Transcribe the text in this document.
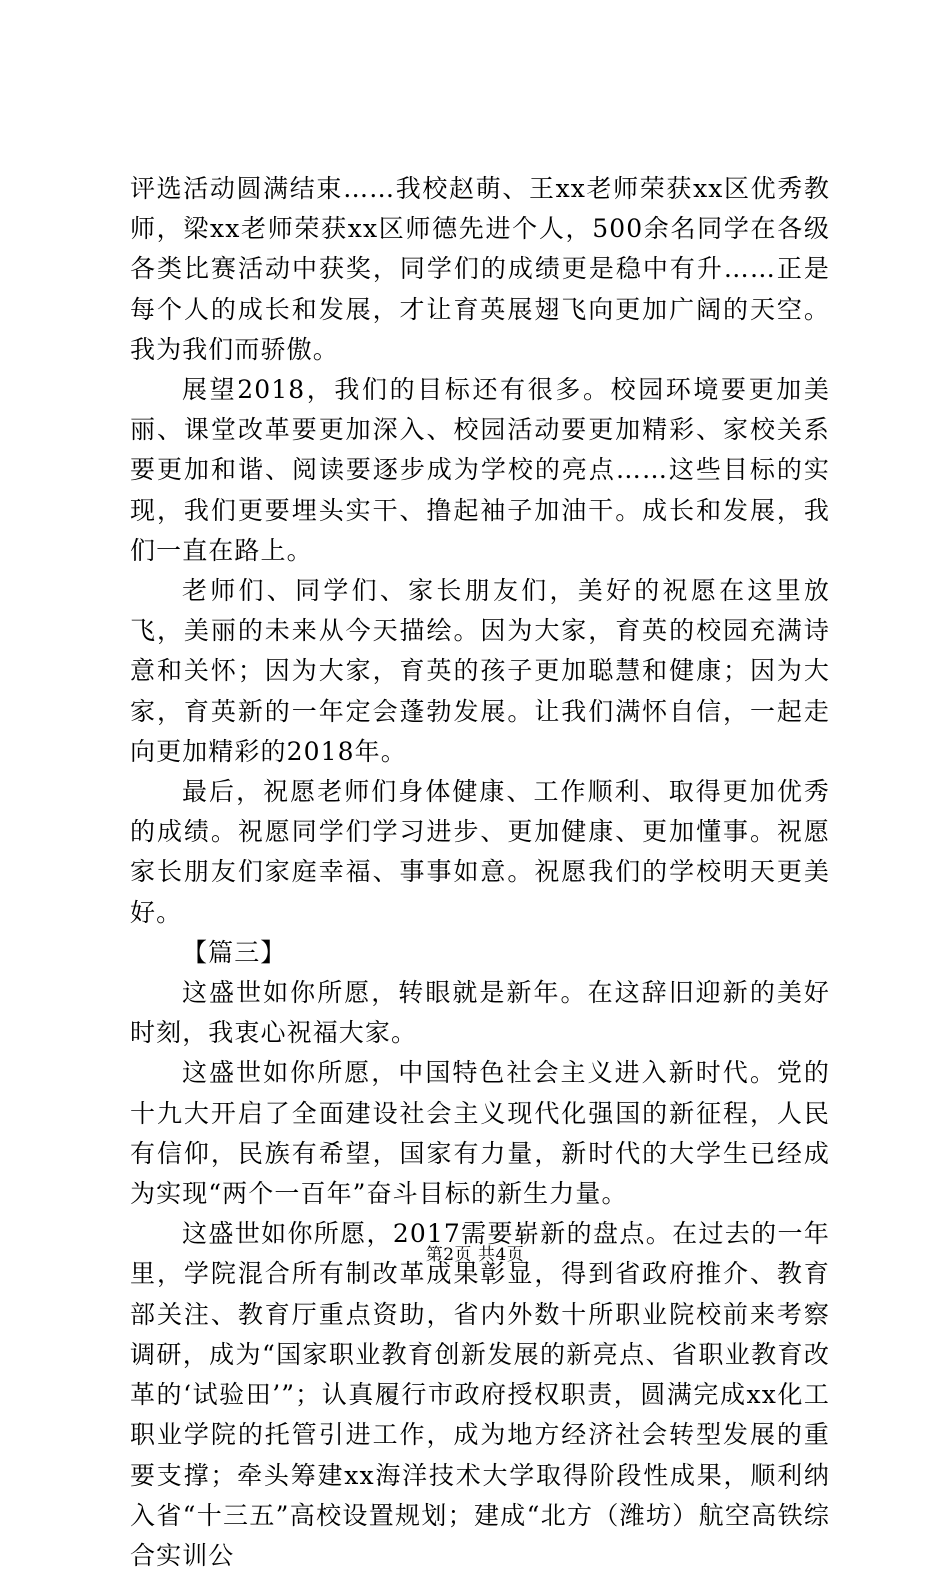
评选活动圆满结束……我校赵萌、王xx老师荣获xx区优秀教师，梁xx老师荣获xx区师德先进个人，500余名同学在各级各类比赛活动中获奖，同学们的成绩更是稳中有升……正是每个人的成长和发展，才让育英展翅飞向更加广阔的天空。我为我们而骄傲。

展望2018，我们的目标还有很多。校园环境要更加美丽、课堂改革要更加深入、校园活动要更加精彩、家校关系要更加和谐、阅读要逐步成为学校的亮点……这些目标的实现，我们更要埋头实干、撸起袖子加油干。成长和发展，我们一直在路上。

老师们、同学们、家长朋友们，美好的祝愿在这里放飞，美丽的未来从今天描绘。因为大家，育英的校园充满诗意和关怀；因为大家，育英的孩子更加聪慧和健康；因为大家，育英新的一年定会蓬勃发展。让我们满怀自信，一起走向更加精彩的2018年。

最后，祝愿老师们身体健康、工作顺利、取得更加优秀的成绩。祝愿同学们学习进步、更加健康、更加懂事。祝愿家长朋友们家庭幸福、事事如意。祝愿我们的学校明天更美好。

【篇三】

这盛世如你所愿，转眼就是新年。在这辞旧迎新的美好时刻，我衷心祝福大家。

这盛世如你所愿，中国特色社会主义进入新时代。党的十九大开启了全面建设社会主义现代化强国的新征程，人民有信仰，民族有希望，国家有力量，新时代的大学生已经成为实现“两个一百年”奋斗目标的新生力量。

这盛世如你所愿，2017需要崭新的盘点。在过去的一年里，学院混合所有制改革成果彰显，得到省政府推介、教育部关注、教育厅重点资助，省内外数十所职业院校前来考察调研，成为“国家职业教育创新发展的新亮点、省职业教育改革的‘试验田’”；认真履行市政府授权职责，圆满完成xx化工职业学院的托管引进工作，成为地方经济社会转型发展的重要支撑；牵头筹建xx海洋技术大学取得阶段性成果，顺利纳入省“十三五”高校设置规划；建成“北方（潍坊）航空高铁综合实训公

第2页 共4页
